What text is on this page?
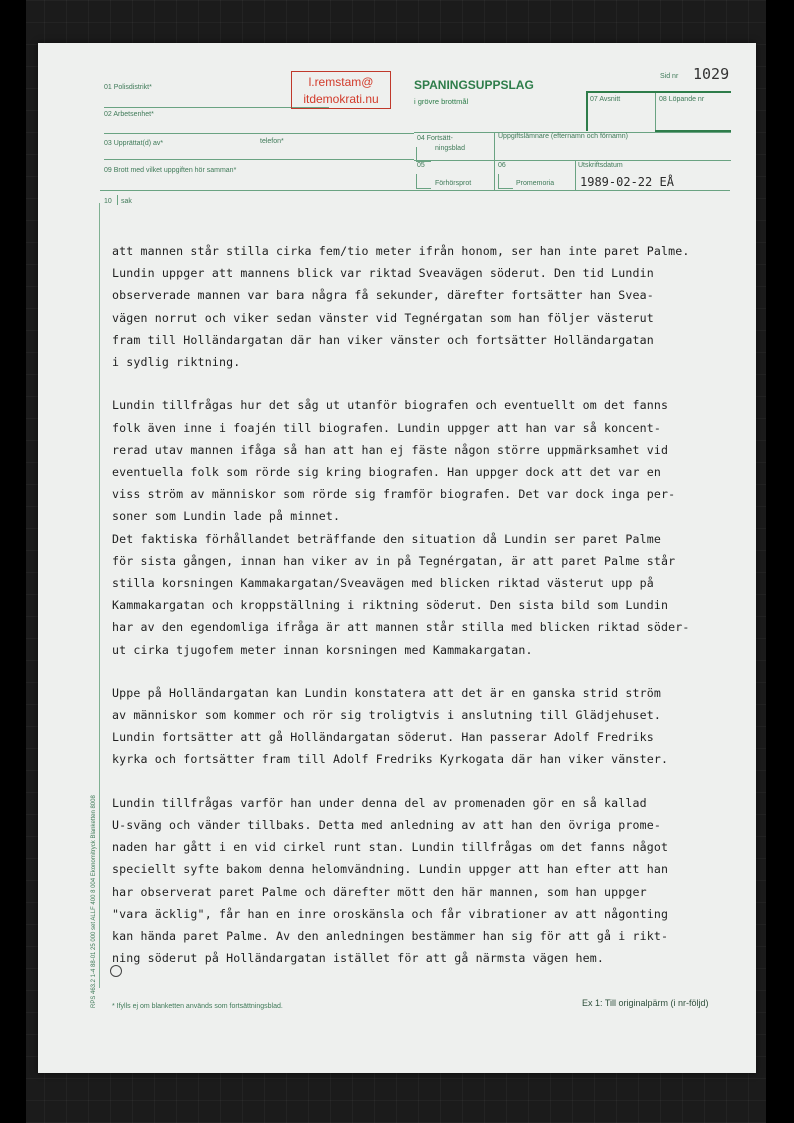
01 Polisdistrikt*
02 Arbetsenhet*
03 Upprättat(d) av*	telefon*
09 Brott med vilket uppgiften hör samman*
10 sak
l.remstam@
itdemokrati.nu
SPANINGSUPPSLAG
i grövre brottmål
Sid nr 1029
07 Avsnitt	08 Löpande nr
04 Fortsätt-
ningsblad
Uppgiftslämnare (efternamn och förnamn)
05
Förhörsprot
06
Promemoria
Utskriftsdatum
1989-02-22 EÅ
att mannen står stilla cirka fem/tio meter ifrån honom, ser han inte paret Palme.
Lundin uppger att mannens blick var riktad Sveavägen söderut. Den tid Lundin
observerade mannen var bara några få sekunder, därefter fortsätter han Svea-
vägen norrut och viker sedan vänster vid Tegnérgatan som han följer västerut
fram till Holländargatan där han viker vänster och fortsätter Holländargatan
i sydlig riktning.
Lundin tillfrågas hur det såg ut utanför biografen och eventuellt om det fanns
folk även inne i foajén till biografen. Lundin uppger att han var så koncent-
rerad utav mannen ifåga så han att han ej fäste någon större uppmärksamhet vid
eventuella folk som rörde sig kring biografen. Han uppger dock att det var en
viss ström av människor som rörde sig framför biografen. Det var dock inga per-
soner som Lundin lade på minnet.
Det faktiska förhållandet beträffande den situation då Lundin ser paret Palme
för sista gången, innan han viker av in på Tegnérgatan, är att paret Palme står
stilla korsningen Kammakargatan/Sveavägen med blicken riktad västerut upp på
Kammakargatan och kroppställning i riktning söderut. Den sista bild som Lundin
har av den egendomliga ifråga är att mannen står stilla med blicken riktad söder-
ut cirka tjugofem meter innan korsningen med Kammakargatan.
Uppe på Holländargatan kan Lundin konstatera att det är en ganska strid ström
av människor som kommer och rör sig troligtvis i anslutning till Glädjehuset.
Lundin fortsätter att gå Holländargatan söderut. Han passerar Adolf Fredriks
kyrka och fortsätter fram till Adolf Fredriks Kyrkogata där han viker vänster.
Lundin tillfrågas varför han under denna del av promenaden gör en så kallad
U-sväng och vänder tillbaks. Detta med anledning av att han den övriga prome-
naden har gått i en vid cirkel runt stan. Lundin tillfrågas om det fanns något
speciellt syfte bakom denna helomvändning. Lundin uppger att han efter att han
har observerat paret Palme och därefter mött den här mannen, som han uppger
"vara äcklig", får han en inre oroskänsla och får vibrationer av att någonting
kan hända paret Palme. Av den anledningen bestämmer han sig för att gå i rikt-
ning söderut på Holländargatan istället för att gå närmsta vägen hem.
RPS 463.2 1-4 88-01 25 000 set ALLF 400 8 004 Ekonomitryck Blanketten 8008 * Ifylls ej om blanketten används som fortsättningsblad.	Ex 1: Till originalpärm (i nr-följd)
